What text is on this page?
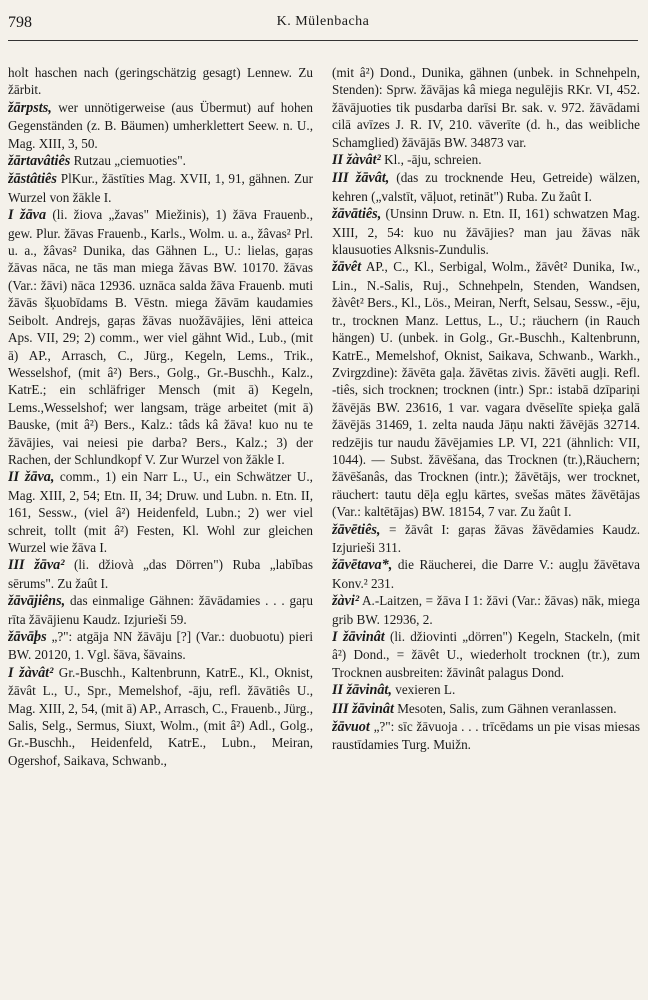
798	K. Mülenbacha

holt haschen nach (geringschätzig gesagt) Lennew. Zu žārbit.

žārpsts, wer unnötigerweise (aus Übermut) auf hohen Gegenständen (z. B. Bäumen) umherklettert Seew. n. U., Mag. XIII, 3, 50.

žārtavâtiês Rutzau „ciemuoties".

žāstâtiês PlKur., žāstīties Mag. XVII, 1, 91, gähnen. Zur Wurzel von žākle I.

I žāva (li. žiova „žavas" Miežinis), 1) žāva Frauenb., gew. Plur. žāvas Frauenb., Karls., Wolm. u. a., žâvas² Prl. u. a., žâvas² Dunika, das Gähnen L., U.: lielas, gaŗas žāvas nāca, ne tās man miega žāvas BW. 10170. žāvas (Var.: žāvi) nāca 12936. uznāca salda žāva Frauenb. muti žāvās šķuobīdams B. Vēstn. miega žāvām kaudamies Seibolt. Andrejs, gaŗas žāvas nuožāvājies, lēni atteica Aps. VII, 29; 2) comm., wer viel gähnt Wid., Lub., (mit ā) AP., Arrasch, C., Jürg., Kegeln, Lems., Trik., Wesselshof, (mit â²) Bers., Golg., Gr.-Buschh., Kalz., KatrE.; ein schläfriger Mensch (mit ā) Kegeln, Lems.,Wesselshof; wer langsam, träge arbeitet (mit ā) Bauske, (mit â²) Bers., Kalz.: tâds kâ žāva! kuo nu te žāvājies, vai neiesi pie darba? Bers., Kalz.; 3) der Rachen, der Schlundkopf V. Zur Wurzel von žākle I.

II žāva, comm., 1) ein Narr L., U., ein Schwätzer U., Mag. XIII, 2, 54; Etn. II, 34; Druw. und Lubn. n. Etn. II, 161, Sessw., (viel â²) Heidenfeld, Lubn.; 2) wer viel schreit, tollt (mit â²) Festen, Kl. Wohl zur gleichen Wurzel wie žāva I.

III žāva² (li. džiovà „das Dörren") Ruba „labības sērums". Zu žaût I.

žāvājiêns, das einmalige Gähnen: žāvādamies . . . gaŗu rīta žāvājienu Kaudz. Izjurieši 59.

žāvāþs „?": atgāja NN žāvāju [?] (Var.: duobuotu) pieri BW. 20120, 1. Vgl. šāva, šāvains.

I žàvât² Gr.-Buschh., Kaltenbrunn, KatrE., Kl., Oknist, žāvât L., U., Spr., Memelshof, -āju, refl. žāvātiês U., Mag. XIII, 2, 54, (mit ā) AP., Arrasch, C., Frauenb., Jürg., Salis, Selg., Sermus, Siuxt, Wolm., (mit â²) Adl., Golg., Gr.-Buschh., Heidenfeld, KatrE., Lubn., Meiran, Ogershof, Saikava, Schwanb.,

(mit â²) Dond., Dunika, gähnen (unbek. in Schnehpeln, Stenden): Sprw. žāvājas kâ miega negulējis RKr. VI, 452. žāvājuoties tik pusdarba darīsi Br. sak. v. 972. žāvādami cilā avīzes J. R. IV, 210. vāverīte (d. h., das weibliche Schamglied) žāvājās BW. 34873 var.

II žàvât² Kl., -āju, schreien.

III žāvât, (das zu trocknende Heu, Getreide) wälzen, kehren („valstīt, vāļuot, retināt") Ruba. Zu žaût I.

žāvātiês, (Unsinn Druw. n. Etn. II, 161) schwatzen Mag. XIII, 2, 54: kuo nu žāvājies? man jau žāvas nāk klausuoties Alksnis-Zundulis.

žāvêt AP., C., Kl., Serbigal, Wolm., žāvêt² Dunika, Iw., Lin., N.-Salis, Ruj., Schnehpeln, Stenden, Wandsen, žàvêt² Bers., Kl., Lös., Meiran, Nerft, Selsau, Sessw., -ēju, tr., trocknen Manz. Lettus, L., U.; räuchern (in Rauch hängen) U. (unbek. in Golg., Gr.-Buschh., Kaltenbrunn, KatrE., Memelshof, Oknist, Saikava, Schwanb., Warkh., Zvirgzdine): žāvēta gaļa. žāvētas zivis. žāvēti augļi. Refl. -tiês, sich trocknen; trocknen (intr.) Spr.: istabā dzīpariņi žāvējās BW. 23616, 1 var. vagara dvēselīte spieķa galā žāvējās 31469, 1. zelta nauda Jāņu nakti žāvējās 32714. redzējis tur naudu žāvējamies LP. VI, 221 (ähnlich: VII, 1044). — Subst. žāvēšana, das Trocknen (tr.),Räuchern; žāvēšanâs, das Trocknen (intr.); žāvētājs, wer trocknet, räuchert: tautu dēļa egļu kārtes, svešas mātes žāvētājas (Var.: kaltētājas) BW. 18154, 7 var. Zu žaût I.

žāvētiês, = žāvât I: gaŗas žāvas žāvēdamies Kaudz. Izjurieši 311.

žāvētava*, die Räucherei, die Darre V.: augļu žāvētava Konv.² 231.

žàvi² A.-Laitzen, = žāva I 1: žāvi (Var.: žāvas) nāk, miega grib BW. 12936, 2.

I žāvinât (li. džiovinti „dörren") Kegeln, Stackeln, (mit â²) Dond., = žāvêt U., wiederholt trocknen (tr.), zum Trocknen ausbreiten: žāvinât palagus Dond.

II žāvinât, vexieren L.

III žāvinât Mesoten, Salis, zum Gähnen veranlassen.

žāvuot „?": sīc žāvuoja . . . trīcēdams un pie visas miesas raustīdamies Turg. Muižn.
